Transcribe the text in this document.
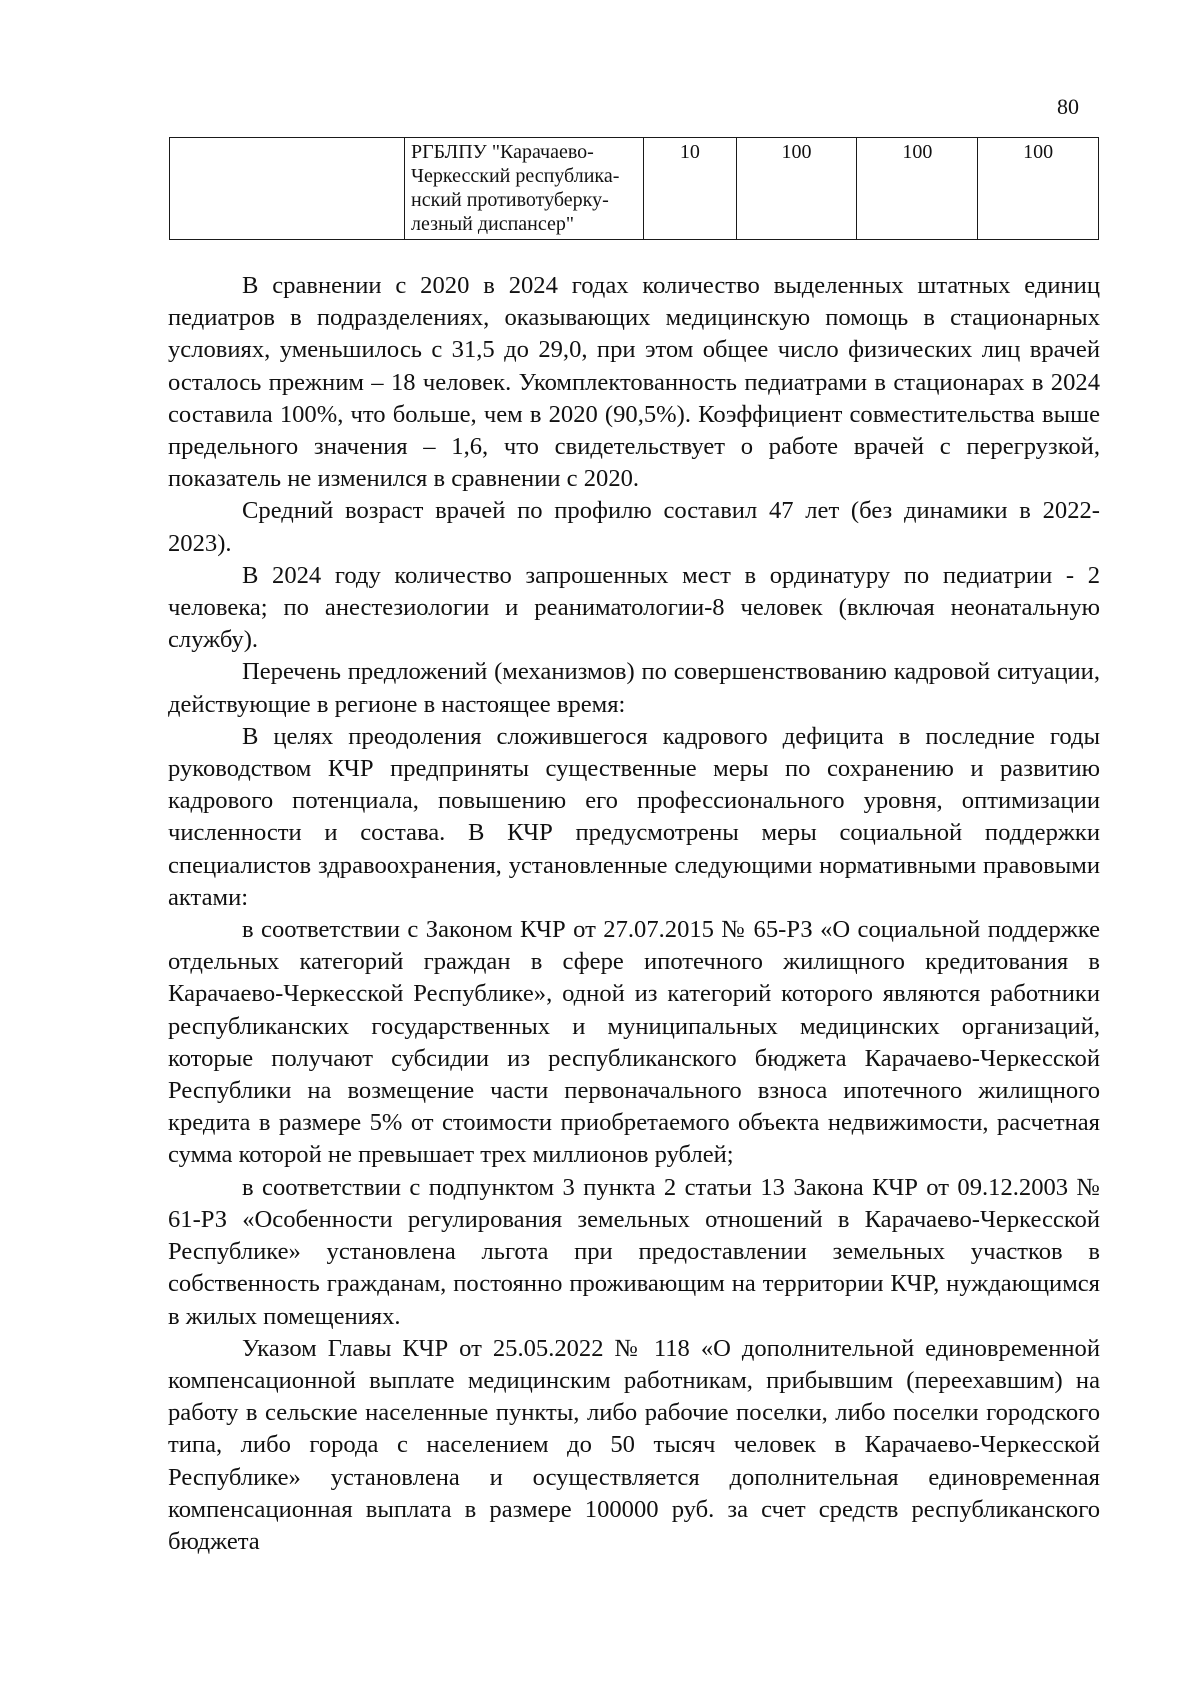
80
	РГБЛПУ "Карачаево-Черкесский республика-нский противотуберку-лезный диспансер"	10	100	100	100

В сравнении с 2020 в 2024 годах количество выделенных штатных единиц педиатров в подразделениях, оказывающих медицинскую помощь в стационарных условиях, уменьшилось с 31,5 до 29,0, при этом общее число физических лиц врачей осталось прежним – 18 человек. Укомплектованность педиатрами в стационарах в 2024 составила 100%, что больше, чем в 2020 (90,5%). Коэффициент совместительства выше предельного значения – 1,6, что свидетельствует о работе врачей с перегрузкой, показатель не изменился в сравнении с 2020.

Средний возраст врачей по профилю составил 47 лет (без динамики в 2022-2023).

В 2024 году количество запрошенных мест в ординатуру по педиатрии - 2 человека; по анестезиологии и реаниматологии-8 человек (включая неонатальную службу).

Перечень предложений (механизмов) по совершенствованию кадровой ситуации, действующие в регионе в настоящее время:

В целях преодоления сложившегося кадрового дефицита в последние годы руководством КЧР предприняты существенные меры по сохранению и развитию кадрового потенциала, повышению его профессионального уровня, оптимизации численности и состава. В КЧР предусмотрены меры социальной поддержки специалистов здравоохранения, установленные следующими нормативными правовыми актами:

в соответствии с Законом КЧР от 27.07.2015 № 65-РЗ «О социальной поддержке отдельных категорий граждан в сфере ипотечного жилищного кредитования в Карачаево-Черкесской Республике», одной из категорий которого являются работники республиканских государственных и муниципальных медицинских организаций, которые получают субсидии из республиканского бюджета Карачаево-Черкесской Республики на возмещение части первоначального взноса ипотечного жилищного кредита в размере 5% от стоимости приобретаемого объекта недвижимости, расчетная сумма которой не превышает трех миллионов рублей;

в соответствии с подпунктом 3 пункта 2 статьи 13 Закона КЧР от 09.12.2003 № 61-РЗ «Особенности регулирования земельных отношений в Карачаево-Черкесской Республике» установлена льгота при предоставлении земельных участков в собственность гражданам, постоянно проживающим на территории КЧР, нуждающимся в жилых помещениях.

Указом Главы КЧР от 25.05.2022 № 118 «О дополнительной единовременной компенсационной выплате медицинским работникам, прибывшим (переехавшим) на работу в сельские населенные пункты, либо рабочие поселки, либо поселки городского типа, либо города с населением до 50 тысяч человек в Карачаево-Черкесской Республике» установлена и осуществляется дополнительная единовременная компенсационная выплата в размере 100000 руб. за счет средств республиканского бюджета
